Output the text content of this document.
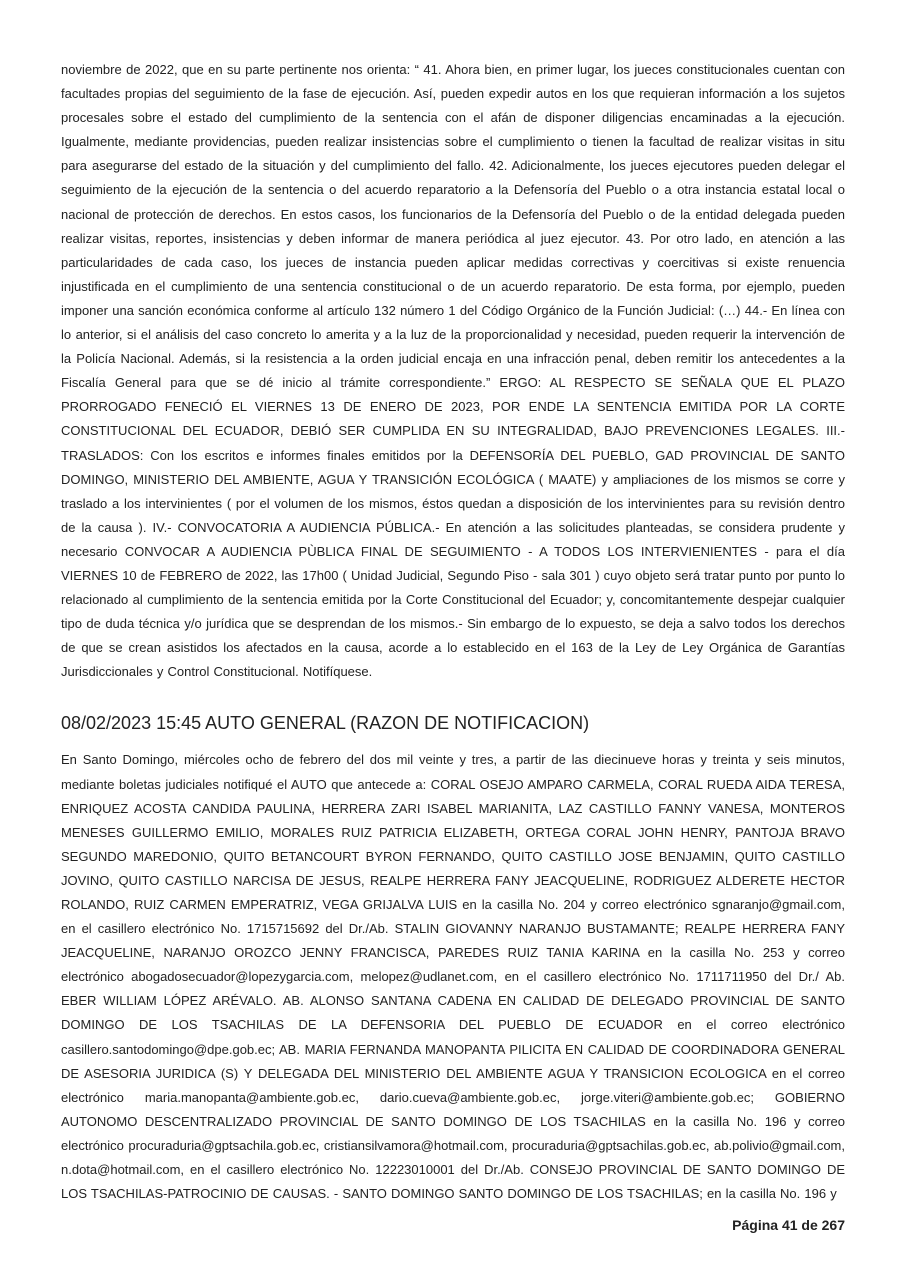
noviembre de 2022, que en su parte pertinente nos orienta: “ 41. Ahora bien, en primer lugar, los jueces constitucionales cuentan con facultades propias del seguimiento de la fase de ejecución. Así, pueden expedir autos en los que requieran información a los sujetos procesales sobre el estado del cumplimiento de la sentencia con el afán de disponer diligencias encaminadas a la ejecución. Igualmente, mediante providencias, pueden realizar insistencias sobre el cumplimiento o tienen la facultad de realizar visitas in situ para asegurarse del estado de la situación y del cumplimiento del fallo. 42. Adicionalmente, los jueces ejecutores pueden delegar el seguimiento de la ejecución de la sentencia o del acuerdo reparatorio a la Defensoría del Pueblo o a otra instancia estatal local o nacional de protección de derechos. En estos casos, los funcionarios de la Defensoría del Pueblo o de la entidad delegada pueden realizar visitas, reportes, insistencias y deben informar de manera periódica al juez ejecutor. 43. Por otro lado, en atención a las particularidades de cada caso, los jueces de instancia pueden aplicar medidas correctivas y coercitivas si existe renuencia injustificada en el cumplimiento de una sentencia constitucional o de un acuerdo reparatorio. De esta forma, por ejemplo, pueden imponer una sanción económica conforme al artículo 132 número 1 del Código Orgánico de la Función Judicial: (…) 44.- En línea con lo anterior, si el análisis del caso concreto lo amerita y a la luz de la proporcionalidad y necesidad, pueden requerir la intervención de la Policía Nacional. Además, si la resistencia a la orden judicial encaja en una infracción penal, deben remitir los antecedentes a la Fiscalía General para que se dé inicio al trámite correspondiente.” ERGO: AL RESPECTO SE SEÑALA QUE EL PLAZO PRORROGADO FENECIÓ EL VIERNES 13 DE ENERO DE 2023, POR ENDE LA SENTENCIA EMITIDA POR LA CORTE CONSTITUCIONAL DEL ECUADOR, DEBIÓ SER CUMPLIDA EN SU INTEGRALIDAD, BAJO PREVENCIONES LEGALES. III.- TRASLADOS: Con los escritos e informes finales emitidos por la DEFENSORÍA DEL PUEBLO, GAD PROVINCIAL DE SANTO DOMINGO, MINISTERIO DEL AMBIENTE, AGUA Y TRANSICIÓN ECOLÓGICA ( MAATE) y ampliaciones de los mismos se corre y traslado a los intervinientes ( por el volumen de los mismos, éstos quedan a disposición de los intervinientes para su revisión dentro de la causa ). IV.- CONVOCATORIA A AUDIENCIA PÚBLICA.- En atención a las solicitudes planteadas, se considera prudente y necesario CONVOCAR A AUDIENCIA PÙBLICA FINAL DE SEGUIMIENTO - A TODOS LOS INTERVIENIENTES - para el día VIERNES 10 de FEBRERO de 2022, las 17h00 ( Unidad Judicial, Segundo Piso - sala 301 ) cuyo objeto será tratar punto por punto lo relacionado al cumplimiento de la sentencia emitida por la Corte Constitucional del Ecuador; y, concomitantemente despejar cualquier tipo de duda técnica y/o jurídica que se desprendan de los mismos.- Sin embargo de lo expuesto, se deja a salvo todos los derechos de que se crean asistidos los afectados en la causa, acorde a lo establecido en el 163 de la Ley de Ley Orgánica de Garantías Jurisdiccionales y Control Constitucional. Notifíquese.

08/02/2023 15:45 AUTO GENERAL (RAZON DE NOTIFICACION)

En Santo Domingo, miércoles ocho de febrero del dos mil veinte y tres, a partir de las diecinueve horas y treinta y seis minutos, mediante boletas judiciales notifiqué el AUTO que antecede a: CORAL OSEJO AMPARO CARMELA, CORAL RUEDA AIDA TERESA, ENRIQUEZ ACOSTA CANDIDA PAULINA, HERRERA ZARI ISABEL MARIANITA, LAZ CASTILLO FANNY VANESA, MONTEROS MENESES GUILLERMO EMILIO, MORALES RUIZ PATRICIA ELIZABETH, ORTEGA CORAL JOHN HENRY, PANTOJA BRAVO SEGUNDO MAREDONIO, QUITO BETANCOURT BYRON FERNANDO, QUITO CASTILLO JOSE BENJAMIN, QUITO CASTILLO JOVINO, QUITO CASTILLO NARCISA DE JESUS, REALPE HERRERA FANY JEACQUELINE, RODRIGUEZ ALDERETE HECTOR ROLANDO, RUIZ CARMEN EMPERATRIZ, VEGA GRIJALVA LUIS en la casilla No. 204 y correo electrónico sgnaranjo@gmail.com, en el casillero electrónico No. 1715715692 del Dr./Ab. STALIN GIOVANNY NARANJO BUSTAMANTE; REALPE HERRERA FANY JEACQUELINE, NARANJO OROZCO JENNY FRANCISCA, PAREDES RUIZ TANIA KARINA en la casilla No. 253 y correo electrónico abogadosecuador@lopezygarcia.com, melopez@udlanet.com, en el casillero electrónico No. 1711711950 del Dr./ Ab. EBER WILLIAM LÓPEZ ARÉVALO. AB. ALONSO SANTANA CADENA EN CALIDAD DE DELEGADO PROVINCIAL DE SANTO DOMINGO DE LOS TSACHILAS DE LA DEFENSORIA DEL PUEBLO DE ECUADOR en el correo electrónico casillero.santodomingo@dpe.gob.ec; AB. MARIA FERNANDA MANOPANTA PILICITA EN CALIDAD DE COORDINADORA GENERAL DE ASESORIA JURIDICA (S) Y DELEGADA DEL MINISTERIO DEL AMBIENTE AGUA Y TRANSICION ECOLOGICA en el correo electrónico maria.manopanta@ambiente.gob.ec, dario.cueva@ambiente.gob.ec, jorge.viteri@ambiente.gob.ec; GOBIERNO AUTONOMO DESCENTRALIZADO PROVINCIAL DE SANTO DOMINGO DE LOS TSACHILAS en la casilla No. 196 y correo electrónico procuraduria@gptsachila.gob.ec, cristiansilvamora@hotmail.com, procuraduria@gptsachilas.gob.ec, ab.polivio@gmail.com, n.dota@hotmail.com, en el casillero electrónico No. 12223010001 del Dr./Ab. CONSEJO PROVINCIAL DE SANTO DOMINGO DE LOS TSACHILAS-PATROCINIO DE CAUSAS. - SANTO DOMINGO SANTO DOMINGO DE LOS TSACHILAS; en la casilla No. 196 y

Página 41 de 267
